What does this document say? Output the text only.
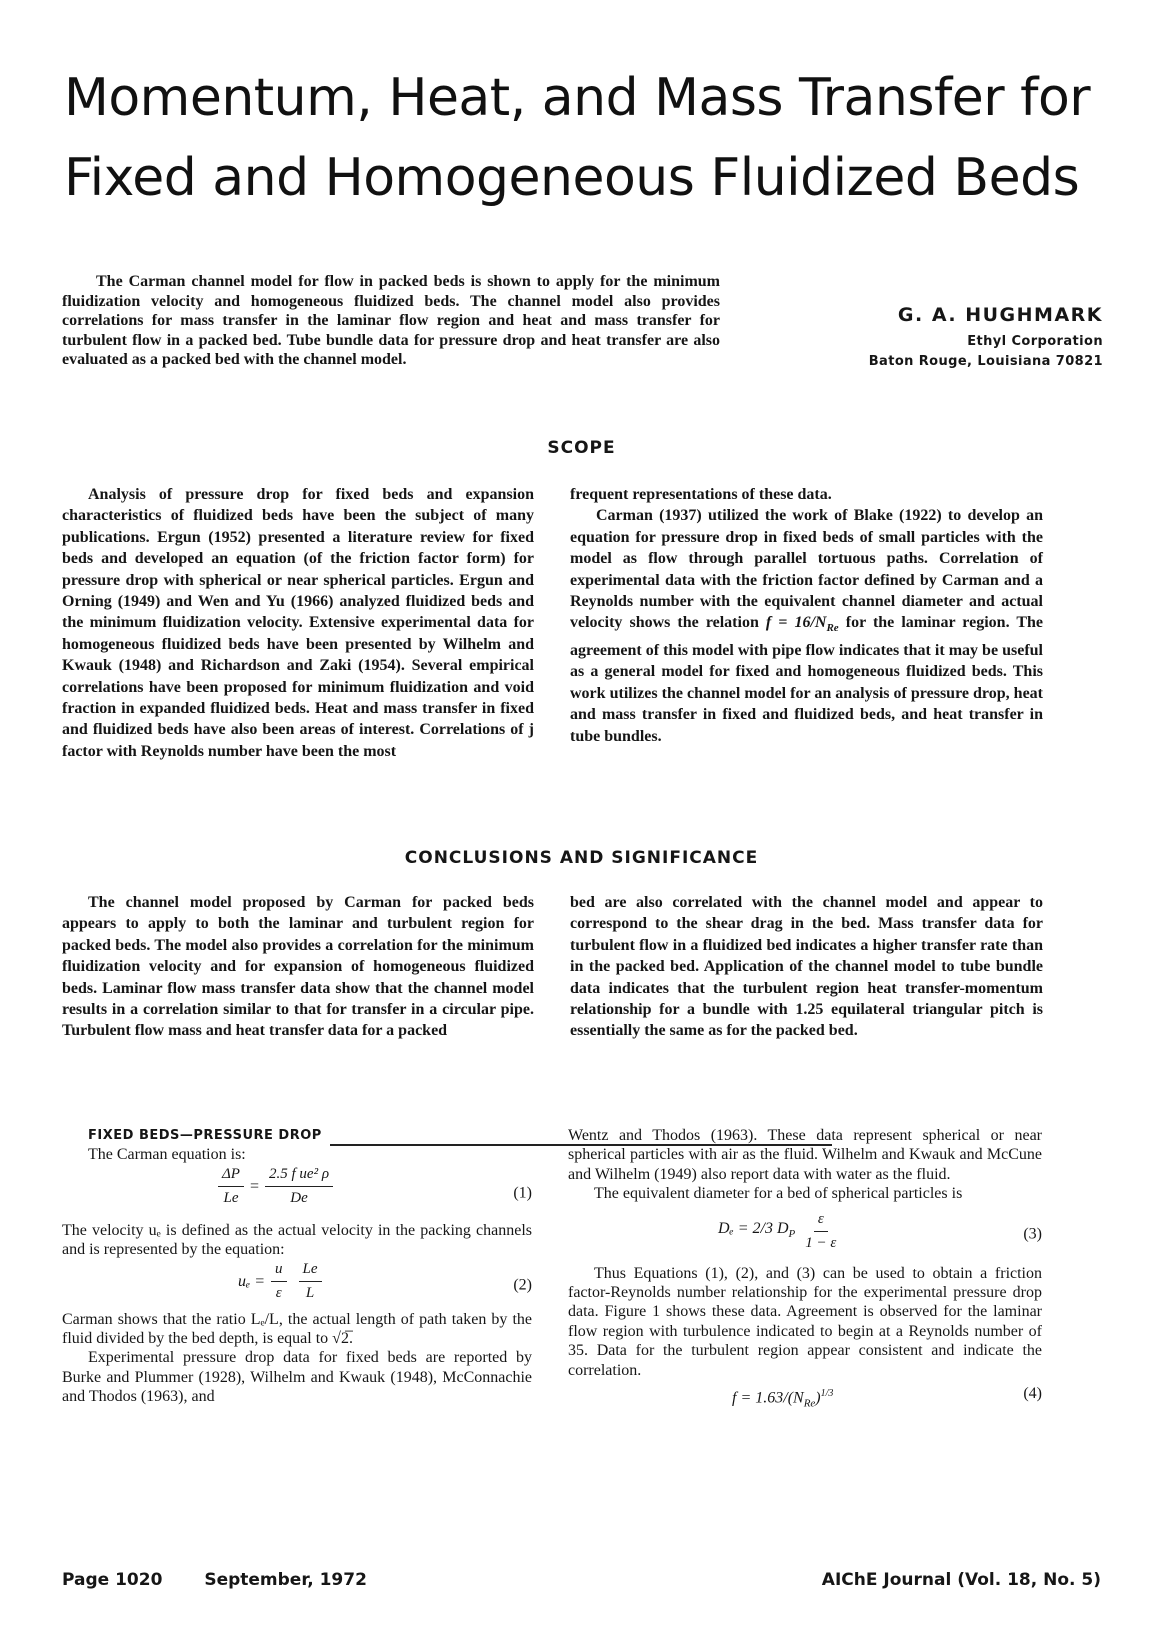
Momentum, Heat, and Mass Transfer for
Fixed and Homogeneous Fluidized Beds

The Carman channel model for flow in packed beds is shown to apply for the minimum fluidization velocity and homogeneous fluidized beds. The channel model also provides correlations for mass transfer in the laminar flow region and heat and mass transfer for turbulent flow in a packed bed. Tube bundle data for pressure drop and heat transfer are also evaluated as a packed bed with the channel model.

G. A. HUGHMARK
Ethyl Corporation
Baton Rouge, Louisiana 70821
SCOPE

Analysis of pressure drop for fixed beds and expansion characteristics of fluidized beds have been the subject of many publications. Ergun (1952) presented a literature review for fixed beds and developed an equation (of the friction factor form) for pressure drop with spherical or near spherical particles. Ergun and Orning (1949) and Wen and Yu (1966) analyzed fluidized beds and the minimum fluidization velocity. Extensive experimental data for homogeneous fluidized beds have been presented by Wilhelm and Kwauk (1948) and Richardson and Zaki (1954). Several empirical correlations have been proposed for minimum fluidization and void fraction in expanded fluidized beds. Heat and mass transfer in fixed and fluidized beds have also been areas of interest. Correlations of j factor with Reynolds number have been the most

frequent representations of these data.

Carman (1937) utilized the work of Blake (1922) to develop an equation for pressure drop in fixed beds of small particles with the model as flow through parallel tortuous paths. Correlation of experimental data with the friction factor defined by Carman and a Reynolds number with the equivalent channel diameter and actual velocity shows the relation $f = 16/N_{Re}$ for the laminar region. The agreement of this model with pipe flow indicates that it may be useful as a general model for fixed and homogeneous fluidized beds. This work utilizes the channel model for an analysis of pressure drop, heat and mass transfer in fixed and fluidized beds, and heat transfer in tube bundles.

CONCLUSIONS AND SIGNIFICANCE

The channel model proposed by Carman for packed beds appears to apply to both the laminar and turbulent region for packed beds. The model also provides a correlation for the minimum fluidization velocity and for expansion of homogeneous fluidized beds. Laminar flow mass transfer data show that the channel model results in a correlation similar to that for transfer in a circular pipe. Turbulent flow mass and heat transfer data for a packed

bed are also correlated with the channel model and appear to correspond to the shear drag in the bed. Mass transfer data for turbulent flow in a fluidized bed indicates a higher transfer rate than in the packed bed. Application of the channel model to tube bundle data indicates that the turbulent region heat transfer-momentum relationship for a bundle with 1.25 equilateral triangular pitch is essentially the same as for the packed bed.

FIXED BEDS—PRESSURE DROP

The Carman equation is:

$\frac{\Delta P}{Le} = \frac{\text{2.5 f ue² ρ}}{De}$	(1)

The velocity uₑ is defined as the actual velocity in the packing channels and is represented by the equation:

$u_e = \frac{u}{\varepsilon} \frac{Le}{L}$	(2)

Carman shows that the ratio Lₑ/L, the actual length of path taken by the fluid divided by the bed depth, is equal to √2̅.

Experimental pressure drop data for fixed beds are reported by Burke and Plummer (1928), Wilhelm and Kwauk (1948), McConnachie and Thodos (1963), and

Wentz and Thodos (1963). These data represent spherical or near spherical particles with air as the fluid. Wilhelm and Kwauk and McCune and Wilhelm (1949) also report data with water as the fluid.

The equivalent diameter for a bed of spherical particles is

Dₑ = 2/3 $D_P \frac{\varepsilon}{1 - \varepsilon}$	(3)

Thus Equations (1), (2), and (3) can be used to obtain a friction factor-Reynolds number relationship for the experimental pressure drop data. Figure 1 shows these data. Agreement is observed for the laminar flow region with turbulence indicated to begin at a Reynolds number of 35. Data for the turbulent region appear consistent and indicate the correlation.

$f = 1.63/(N_{Re})^{1/3}$	(4)
Page 1020 September, 1972	AIChE Journal (Vol. 18, No. 5)
